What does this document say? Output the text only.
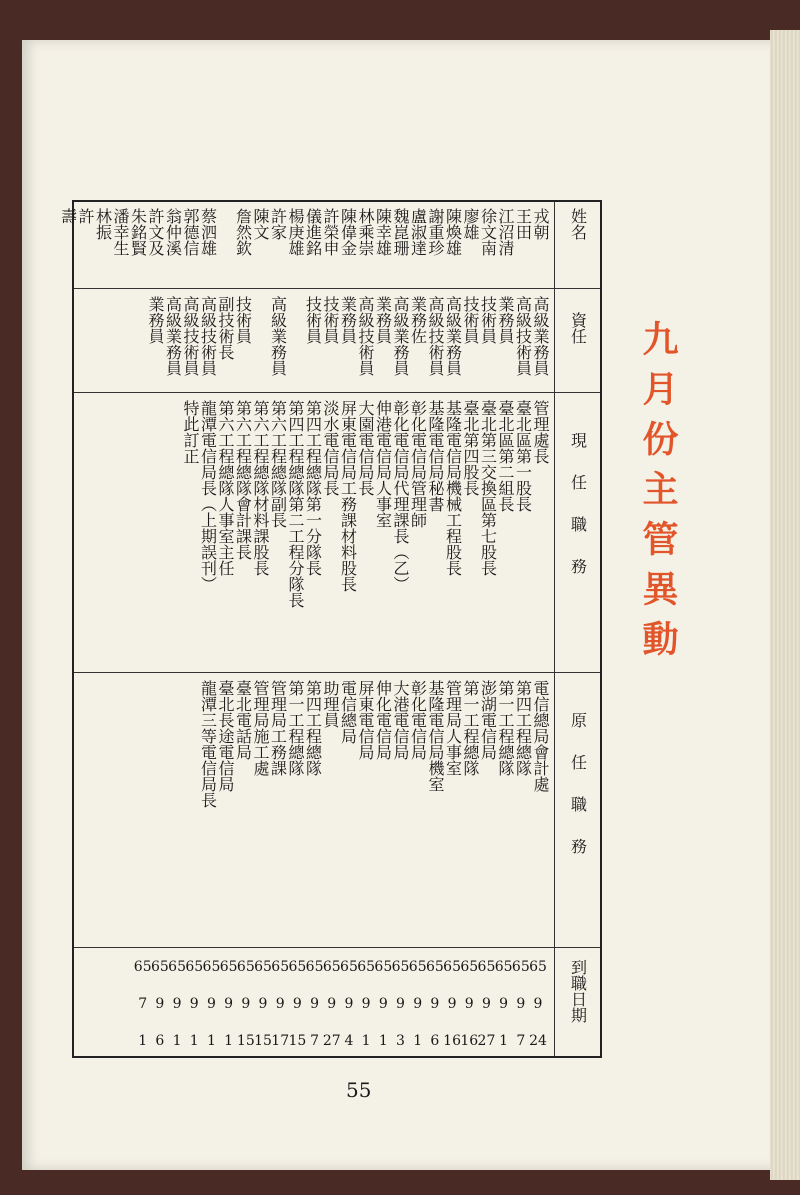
姓名
資任
現任職務
原任職務
到職日期
戎朝
王田
江沼清
徐文南
廖雄
陳煥雄
謝重珍
盧淑達
魏崑珊
陳幸雄
林乘崇
陳偉金
許榮申
儀進銘
楊庚雄
許家
陳文
詹然欽
蔡泗雄
郭德信
翁仲溪
許文及
朱銘賢
潘幸生
林振
許
壽
高級業務員
高級技術員
業務員
技術員
技術員
高級業務員
高級技術員
業務佐
高級業務員
業務員
高級技術員
業務員
技術員
技術員
高級業務員
技術員
副技術長
高級技術員
高級技術員
高級業務員
業務員
管理處長
臺北區第一股長
臺北區第二組長
臺北第三交換區第七股長
臺北第四股長
基隆電信局機械工程股長
基隆電信局秘書
彰化電信局管理師
彰化電信局代理課長（乙）
伸港電信局人事室
大園電信局長
屏東電信局工務課材料股長
淡水電信局長
第四工程總隊第一分隊長
第四工程總隊第二工程分隊長
第六工程總隊副長
第六工程總隊材料課股長
第六工程總隊會計課長
第六工程總隊人事室主任
龍潭電信局長（上期誤刊）
特此訂正
電信總局會計處
第四工程總隊
第一工程總隊
澎湖電信局
第一工程總隊
管理局人事室
基隆電信局機室
彰化電信局
大港電信局
伸化電信局
屏東電信局
電信總局
助理員
第四工程總隊
第一工程總隊
管理局工務課
管理局施工處
臺北電話局
臺北長途電信局
龍潭三等電信局長
65
9
24
65
9
7
65
9
1
65
9
27
65
9
16
65
9
16
65
9
6
65
9
1
65
9
3
65
9
1
65
9
1
65
9
4
65
9
27
65
9
7
65
9
15
65
9
17
65
9
15
65
9
15
65
9
1
65
9
1
65
9
1
65
9
1
65
9
6
65
7
1
九月份主管異動
55
